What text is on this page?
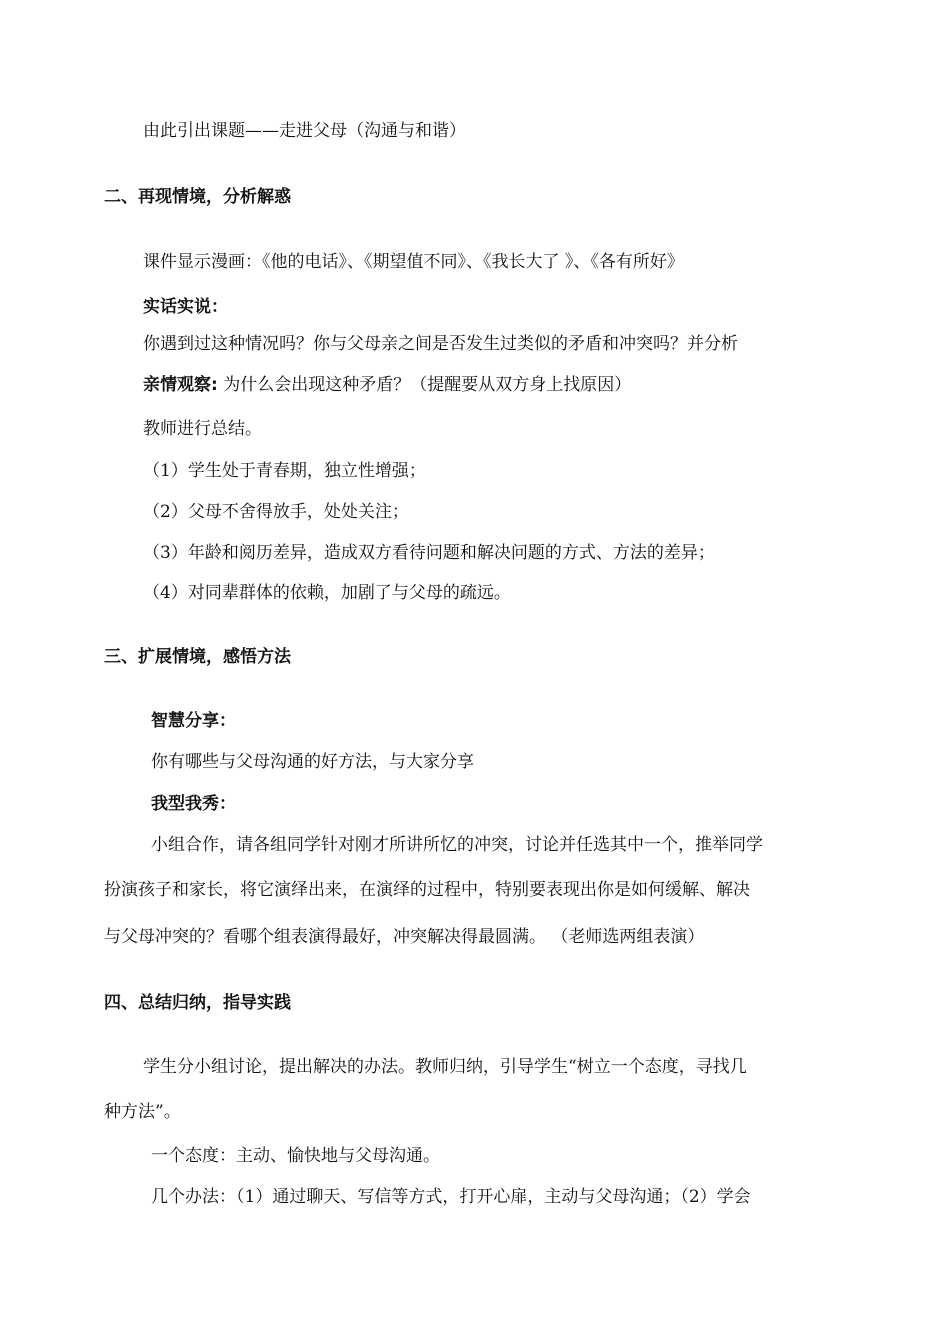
由此引出课题——走进父母（沟通与和谐）
二、再现情境，分析解惑
课件显示漫画：《他的电话》、《期望值不同》、《我长大了 》、《各有所好》
实话实说：
你遇到过这种情况吗？你与父母亲之间是否发生过类似的矛盾和冲突吗？并分析
亲情观察: 为什么会出现这种矛盾？（提醒要从双方身上找原因）
教师进行总结。
（1）学生处于青春期，独立性增强；
（2）父母不舍得放手，处处关注；
（3）年龄和阅历差异，造成双方看待问题和解决问题的方式、方法的差异；
（4）对同辈群体的依赖，加剧了与父母的疏远。
三、扩展情境，感悟方法
智慧分享：
你有哪些与父母沟通的好方法，与大家分享
我型我秀：
小组合作，请各组同学针对刚才所讲所忆的冲突，讨论并任选其中一个，推举同学
扮演孩子和家长，将它演绎出来，在演绎的过程中，特别要表现出你是如何缓解、解决
与父母冲突的？看哪个组表演得最好，冲突解决得最圆满。 （老师选两组表演）
四、总结归纳，指导实践
学生分小组讨论，提出解决的办法。教师归纳，引导学生“树立一个态度，寻找几
种方法”。
一个态度：主动、愉快地与父母沟通。
几个办法：（1）通过聊天、写信等方式，打开心扉，主动与父母沟通；（2）学会
